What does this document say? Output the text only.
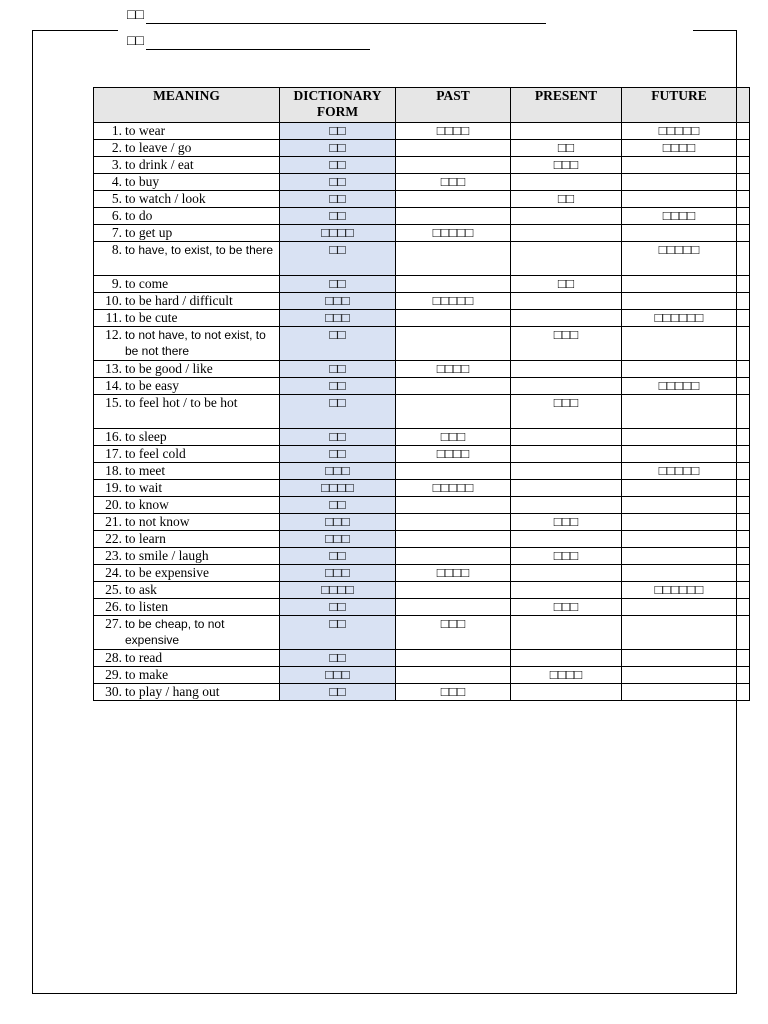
□□
□□
MEANING	DICTIONARY FORM	PAST	PRESENT	FUTURE	

1. to wear	□□	□□□□		□□□□□	

2. to leave / go	□□		□□	□□□□	

3. to drink / eat	□□		□□□		

4. to buy	□□	□□□			

5. to watch / look	□□		□□		

6. to do	□□			□□□□	

7. to get up	□□□□	□□□□□			

8. to have, to exist, to be there	□□			□□□□□	

9. to come	□□		□□		

10. to be hard / difficult	□□□	□□□□□			

11. to be cute	□□□			□□□□□□	

12. to not have, to not exist, to be not there	□□		□□□		

13. to be good / like	□□	□□□□			

14. to be easy	□□			□□□□□	

15. to feel hot / to be hot	□□		□□□		

16. to sleep	□□	□□□			

17. to feel cold	□□	□□□□			

18. to meet	□□□			□□□□□	

19. to wait	□□□□	□□□□□			

20. to know	□□				

21. to not know	□□□		□□□		

22. to learn	□□□				

23. to smile / laugh	□□		□□□		

24. to be expensive	□□□	□□□□			

25. to ask	□□□□			□□□□□□	

26. to listen	□□		□□□		

27. to be cheap, to not expensive	□□	□□□			

28. to read	□□				

29. to make	□□□		□□□□		

30. to play / hang out	□□	□□□			
